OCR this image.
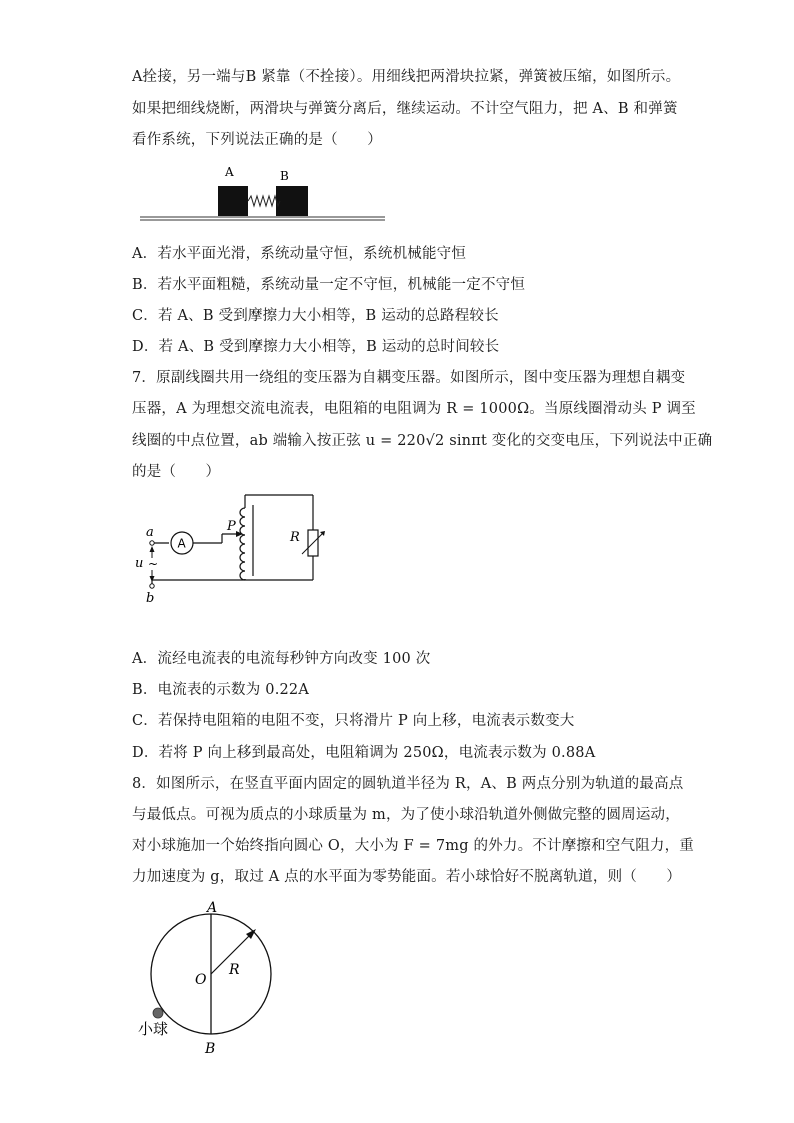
A拴接，另一端与B 紧靠（不拴接）。用细线把两滑块拉紧，弹簧被压缩，如图所示。
如果把细线烧断，两滑块与弹簧分离后，继续运动。不计空气阻力，把 A、B 和弹簧
看作系统，下列说法正确的是（　　）
A	B
A．若水平面光滑，系统动量守恒，系统机械能守恒
B．若水平面粗糙，系统动量一定不守恒，机械能一定不守恒
C．若 A、B 受到摩擦力大小相等，B 运动的总路程较长
D．若 A、B 受到摩擦力大小相等，B 运动的总时间较长
7．原副线圈共用一绕组的变压器为自耦变压器。如图所示，图中变压器为理想自耦变
压器，A 为理想交流电流表，电阻箱的电阻调为 R = 1000Ω。当原线圈滑动头 P 调至
线圈的中点位置，ab 端输入按正弦 u = 220√2 sinπt 变化的交变电压，下列说法中正确
的是（　　）
A
P
R
a
u ~
b
A．流经电流表的电流每秒钟方向改变 100 次
B．电流表的示数为 0.22A
C．若保持电阻箱的电阻不变，只将滑片 P 向上移，电流表示数变大
D．若将 P 向上移到最高处，电阻箱调为 250Ω，电流表示数为 0.88A
8．如图所示，在竖直平面内固定的圆轨道半径为 R，A、B 两点分别为轨道的最高点
与最低点。可视为质点的小球质量为 m，为了使小球沿轨道外侧做完整的圆周运动，
对小球施加一个始终指向圆心 O，大小为 F = 7mg 的外力。不计摩擦和空气阻力，重
力加速度为 g，取过 A 点的水平面为零势能面。若小球恰好不脱离轨道，则（　　）
A
R
O
小球
B
